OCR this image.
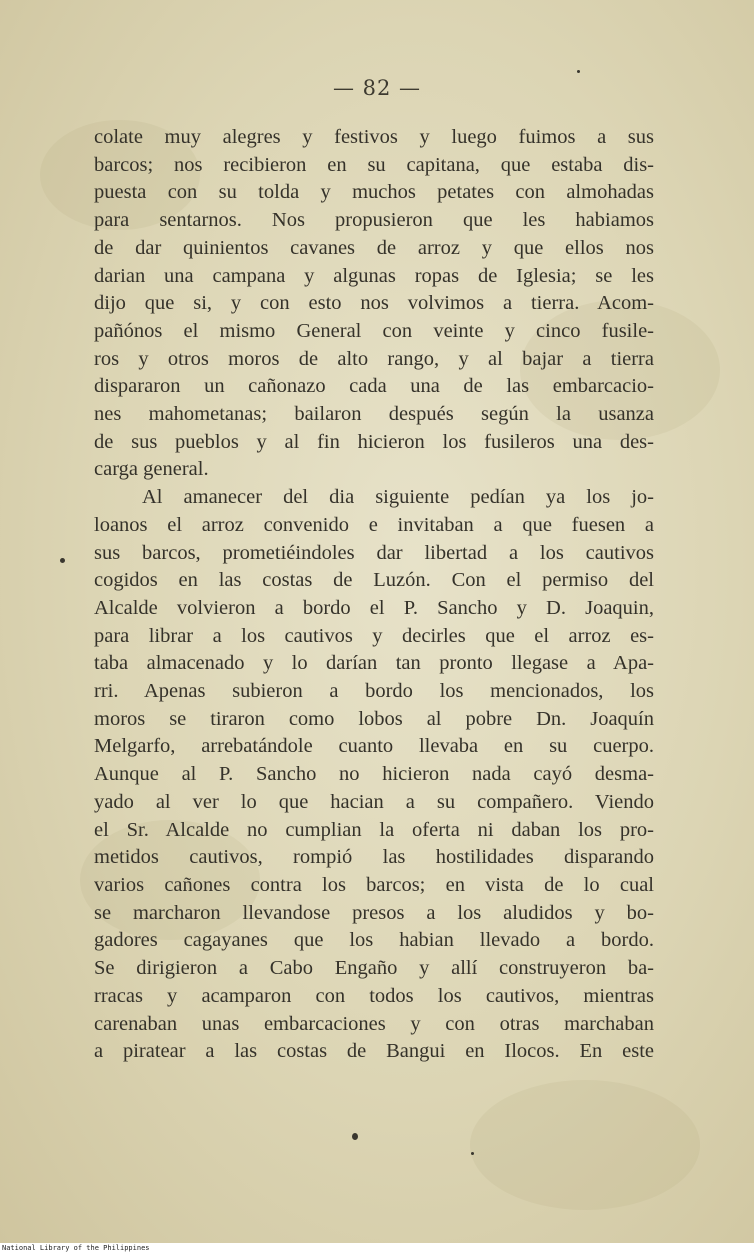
— 82 —
colate muy alegres y festivos y luego fuimos a sus
barcos; nos recibieron en su capitana, que estaba dis-
puesta con su tolda y muchos petates con almohadas
para sentarnos. Nos propusieron que les habiamos
de dar quinientos cavanes de arroz y que ellos nos
darian una campana y algunas ropas de Iglesia; se les
dijo que si, y con esto nos volvimos a tierra. Acom-
pañónos el mismo General con veinte y cinco fusile-
ros y otros moros de alto rango, y al bajar a tierra
dispararon un cañonazo cada una de las embarcacio-
nes mahometanas; bailaron después según la usanza
de sus pueblos y al fin hicieron los fusileros una des-
carga general.
Al amanecer del dia siguiente pedían ya los jo-
loanos el arroz convenido e invitaban a que fuesen a
sus barcos, prometiéindoles dar libertad a los cautivos
cogidos en las costas de Luzón. Con el permiso del
Alcalde volvieron a bordo el P. Sancho y D. Joaquin,
para librar a los cautivos y decirles que el arroz es-
taba almacenado y lo darían tan pronto llegase a Apa-
rri. Apenas subieron a bordo los mencionados, los
moros se tiraron como lobos al pobre Dn. Joaquín
Melgarfo, arrebatándole cuanto llevaba en su cuerpo.
Aunque al P. Sancho no hicieron nada cayó desma-
yado al ver lo que hacian a su compañero. Viendo
el Sr. Alcalde no cumplian la oferta ni daban los pro-
metidos cautivos, rompió las hostilidades disparando
varios cañones contra los barcos; en vista de lo cual
se marcharon llevandose presos a los aludidos y bo-
gadores cagayanes que los habian llevado a bordo.
Se dirigieron a Cabo Engaño y allí construyeron ba-
rracas y acamparon con todos los cautivos, mientras
carenaban unas embarcaciones y con otras marchaban
a piratear a las costas de Bangui en Ilocos. En este
National Library of the Philippines
